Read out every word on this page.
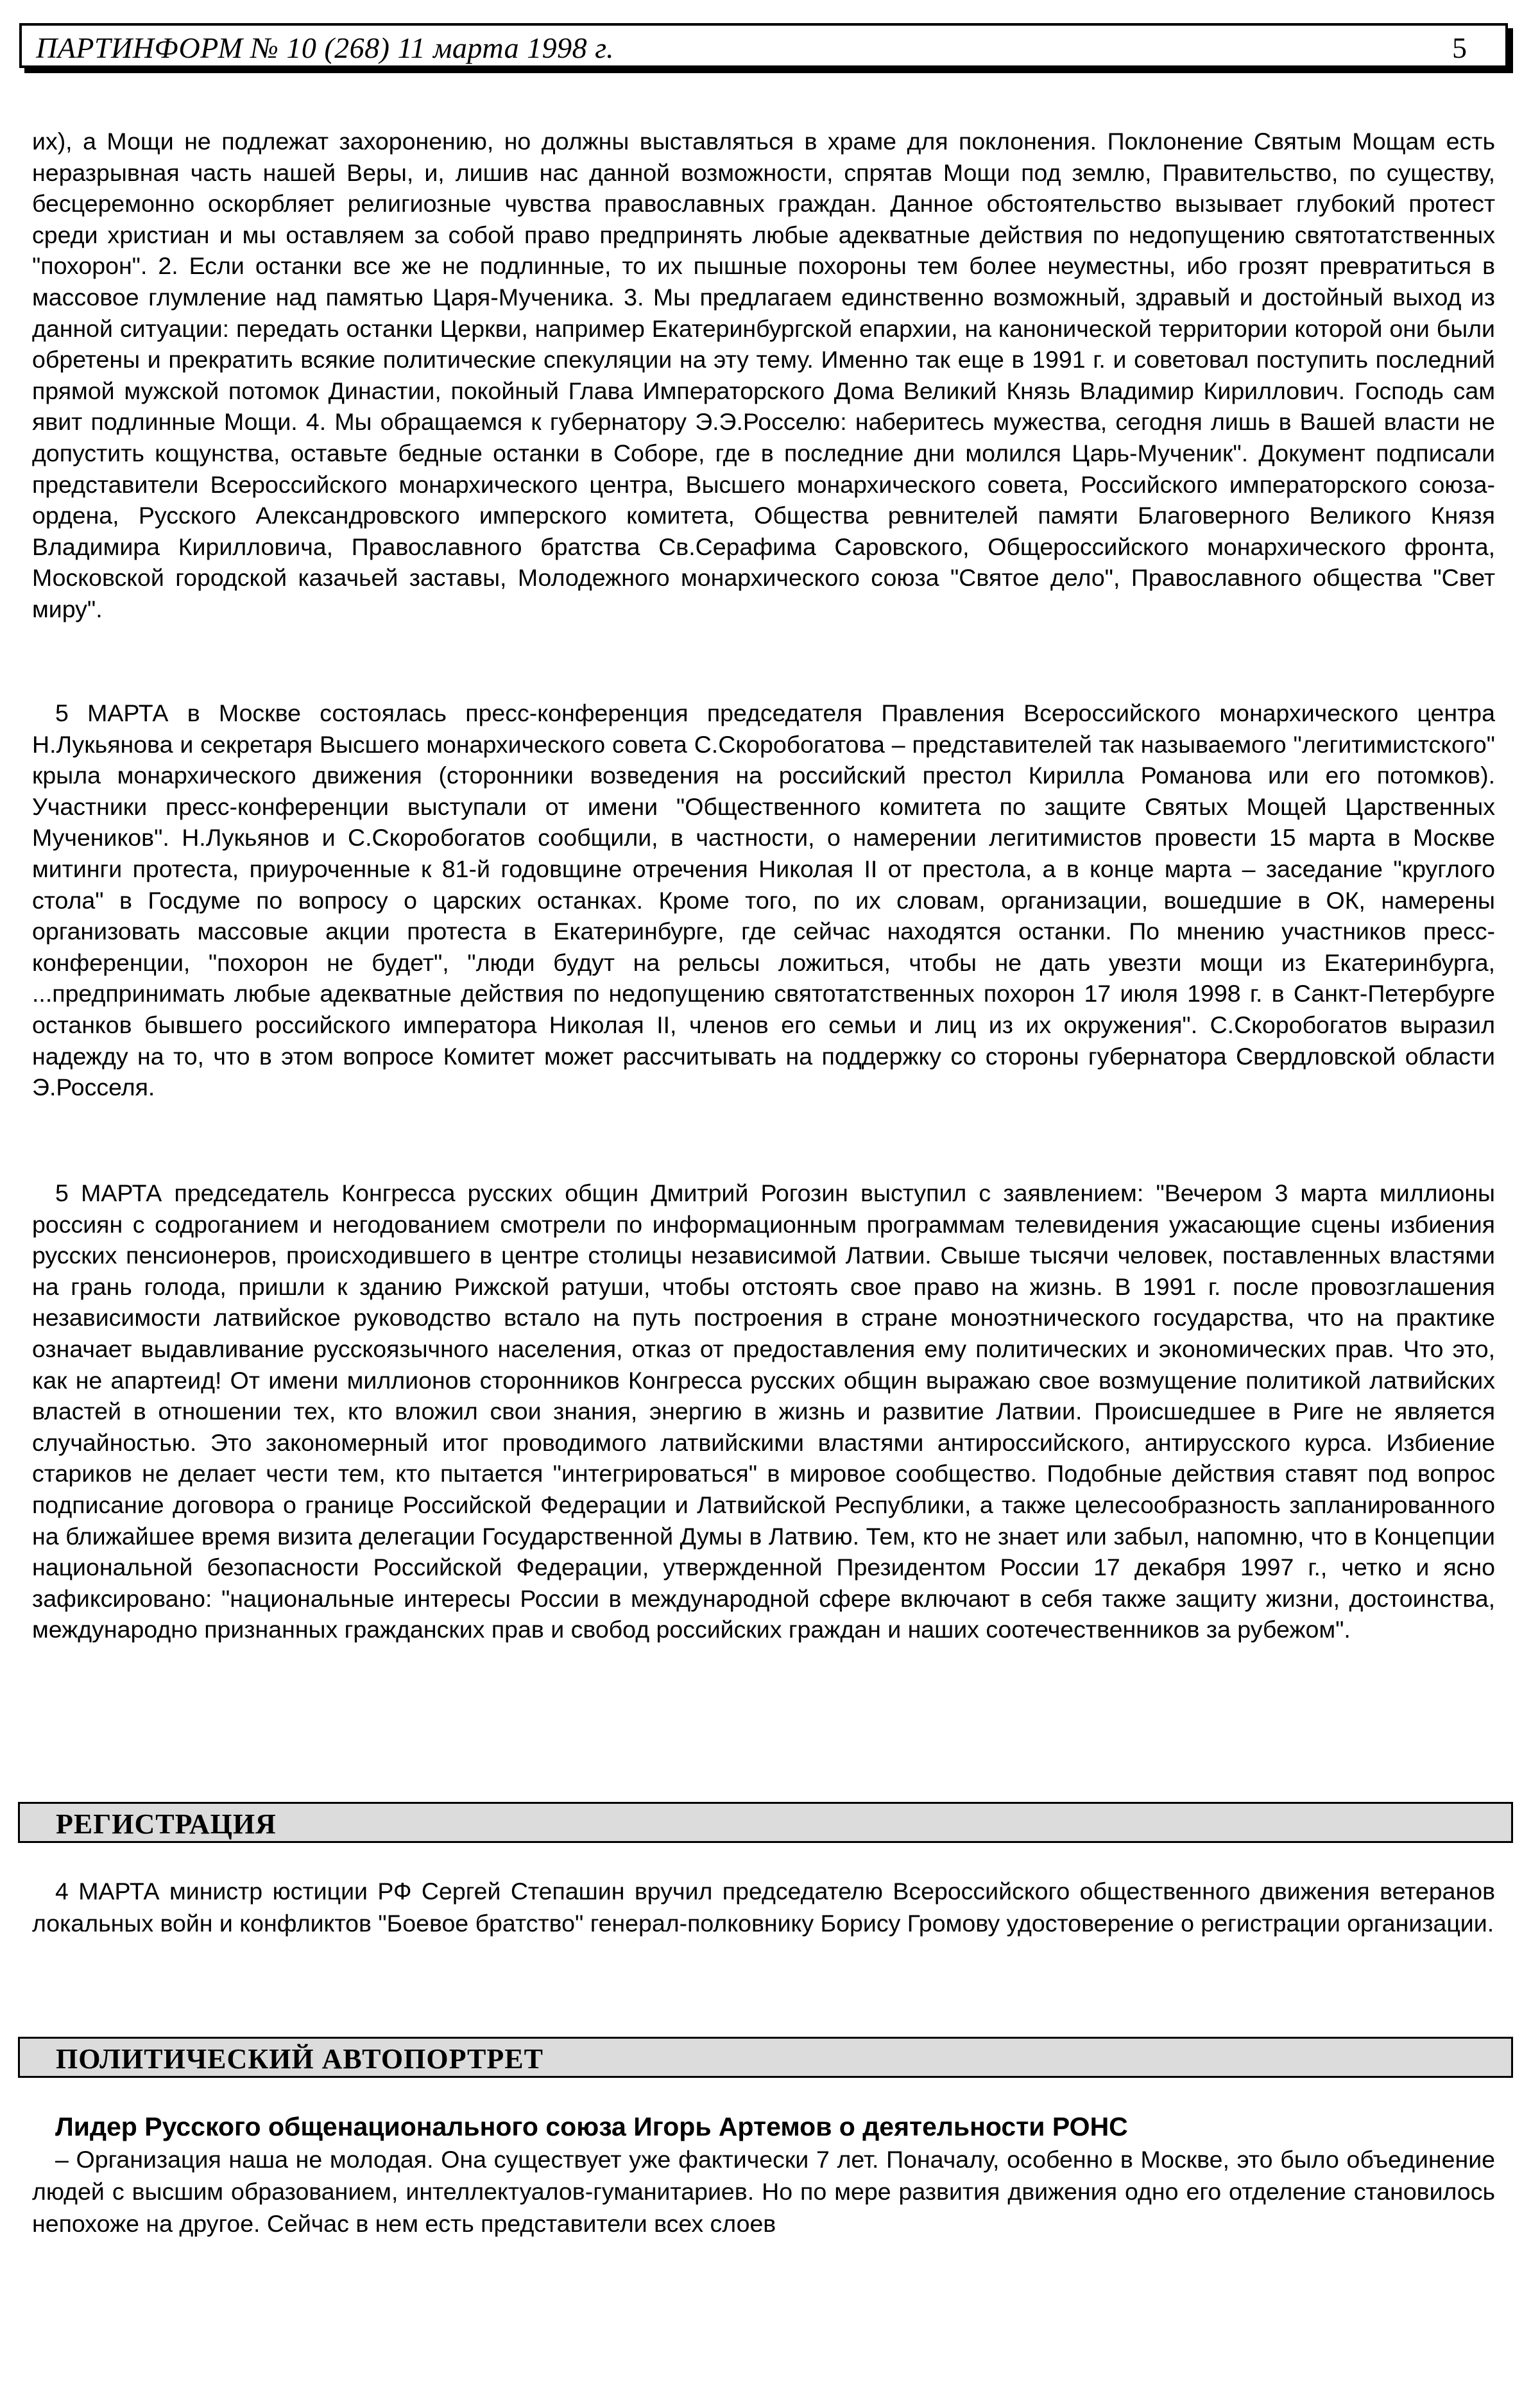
ПАРТИНФОРМ № 10 (268) 11 марта 1998 г.	5

их), а Мощи не подлежат захоронению, но должны выставляться в храме для поклонения. Поклонение Святым Мощам есть неразрывная часть нашей Веры, и, лишив нас данной возможности, спрятав Мощи под землю, Правительство, по существу, бесцеремонно оскорбляет религиозные чувства православных граждан. Данное обстоятельство вызывает глубокий протест среди христиан и мы оставляем за собой право предпринять любые адекватные действия по недопущению святотатственных "похорон". 2. Если останки все же не подлинные, то их пышные похороны тем более неуместны, ибо грозят превратиться в массовое глумление над памятью Царя-Мученика. 3. Мы предлагаем единственно возможный, здравый и достойный выход из данной ситуации: передать останки Церкви, например Екатеринбургской епархии, на канонической территории которой они были обретены и прекратить всякие политические спекуляции на эту тему. Именно так еще в 1991 г. и советовал поступить последний прямой мужской потомок Династии, покойный Глава Императорского Дома Великий Князь Владимир Кириллович. Господь сам явит подлинные Мощи. 4. Мы обращаемся к губернатору Э.Э.Росселю: наберитесь мужества, сегодня лишь в Вашей власти не допустить кощунства, оставьте бедные останки в Соборе, где в последние дни молился Царь-Мученик". Документ подписали представители Всероссийского монархического центра, Высшего монархического совета, Российского императорского союза-ордена, Русского Александровского имперского комитета, Общества ревнителей памяти Благоверного Великого Князя Владимира Кирилловича, Православного братства Св.Серафима Саровского, Общероссийского монархического фронта, Московской городской казачьей заставы, Молодежного монархического союза "Святое дело", Православного общества "Свет миру".

5 МАРТА в Москве состоялась пресс-конференция председателя Правления Всероссийского монархического центра Н.Лукьянова и секретаря Высшего монархического совета С.Скоробогатова – представителей так называемого "легитимистского" крыла монархического движения (сторонники возведения на российский престол Кирилла Романова или его потомков). Участники пресс-конференции выступали от имени "Общественного комитета по защите Святых Мощей Царственных Мучеников". Н.Лукьянов и С.Скоробогатов сообщили, в частности, о намерении легитимистов провести 15 марта в Москве митинги протеста, приуроченные к 81-й годовщине отречения Николая II от престола, а в конце марта – заседание "круглого стола" в Госдуме по вопросу о царских останках. Кроме того, по их словам, организации, вошедшие в ОК, намерены организовать массовые акции протеста в Екатеринбурге, где сейчас находятся останки. По мнению участников пресс-конференции, "похорон не будет", "люди будут на рельсы ложиться, чтобы не дать увезти мощи из Екатеринбурга, ...предпринимать любые адекватные действия по недопущению святотатственных похорон 17 июля 1998 г. в Санкт-Петербурге останков бывшего российского императора Николая II, членов его семьи и лиц из их окружения". С.Скоробогатов выразил надежду на то, что в этом вопросе Комитет может рассчитывать на поддержку со стороны губернатора Свердловской области Э.Росселя.

5 МАРТА председатель Конгресса русских общин Дмитрий Рогозин выступил с заявлением: "Вечером 3 марта миллионы россиян с содроганием и негодованием смотрели по информационным программам телевидения ужасающие сцены избиения русских пенсионеров, происходившего в центре столицы независимой Латвии. Свыше тысячи человек, поставленных властями на грань голода, пришли к зданию Рижской ратуши, чтобы отстоять свое право на жизнь. В 1991 г. после провозглашения независимости латвийское руководство встало на путь построения в стране моноэтнического государства, что на практике означает выдавливание русскоязычного населения, отказ от предоставления ему политических и экономических прав. Что это, как не апартеид! От имени миллионов сторонников Конгресса русских общин выражаю свое возмущение политикой латвийских властей в отношении тех, кто вложил свои знания, энергию в жизнь и развитие Латвии. Происшедшее в Риге не является случайностью. Это закономерный итог проводимого латвийскими властями антироссийского, антирусского курса. Избиение стариков не делает чести тем, кто пытается "интегрироваться" в мировое сообщество. Подобные действия ставят под вопрос подписание договора о границе Российской Федерации и Латвийской Республики, а также целесообразность запланированного на ближайшее время визита делегации Государственной Думы в Латвию. Тем, кто не знает или забыл, напомню, что в Концепции национальной безопасности Российской Федерации, утвержденной Президентом России 17 декабря 1997 г., четко и ясно зафиксировано: "национальные интересы России в международной сфере включают в себя также защиту жизни, достоинства, международно признанных гражданских прав и свобод российских граждан и наших соотечественников за рубежом".

РЕГИСТРАЦИЯ

4 МАРТА министр юстиции РФ Сергей Степашин вручил председателю Всероссийского общественного движения ветеранов локальных войн и конфликтов "Боевое братство" генерал-полковнику Борису Громову удостоверение о регистрации организации.

ПОЛИТИЧЕСКИЙ АВТОПОРТРЕТ
Лидер Русского общенационального союза Игорь Артемов о деятельности РОНС

– Организация наша не молодая. Она существует уже фактически 7 лет. Поначалу, особенно в Москве, это было объединение людей с высшим образованием, интеллектуалов-гуманитариев. Но по мере развития движения одно его отделение становилось непохоже на другое. Сейчас в нем есть представители всех слоев
